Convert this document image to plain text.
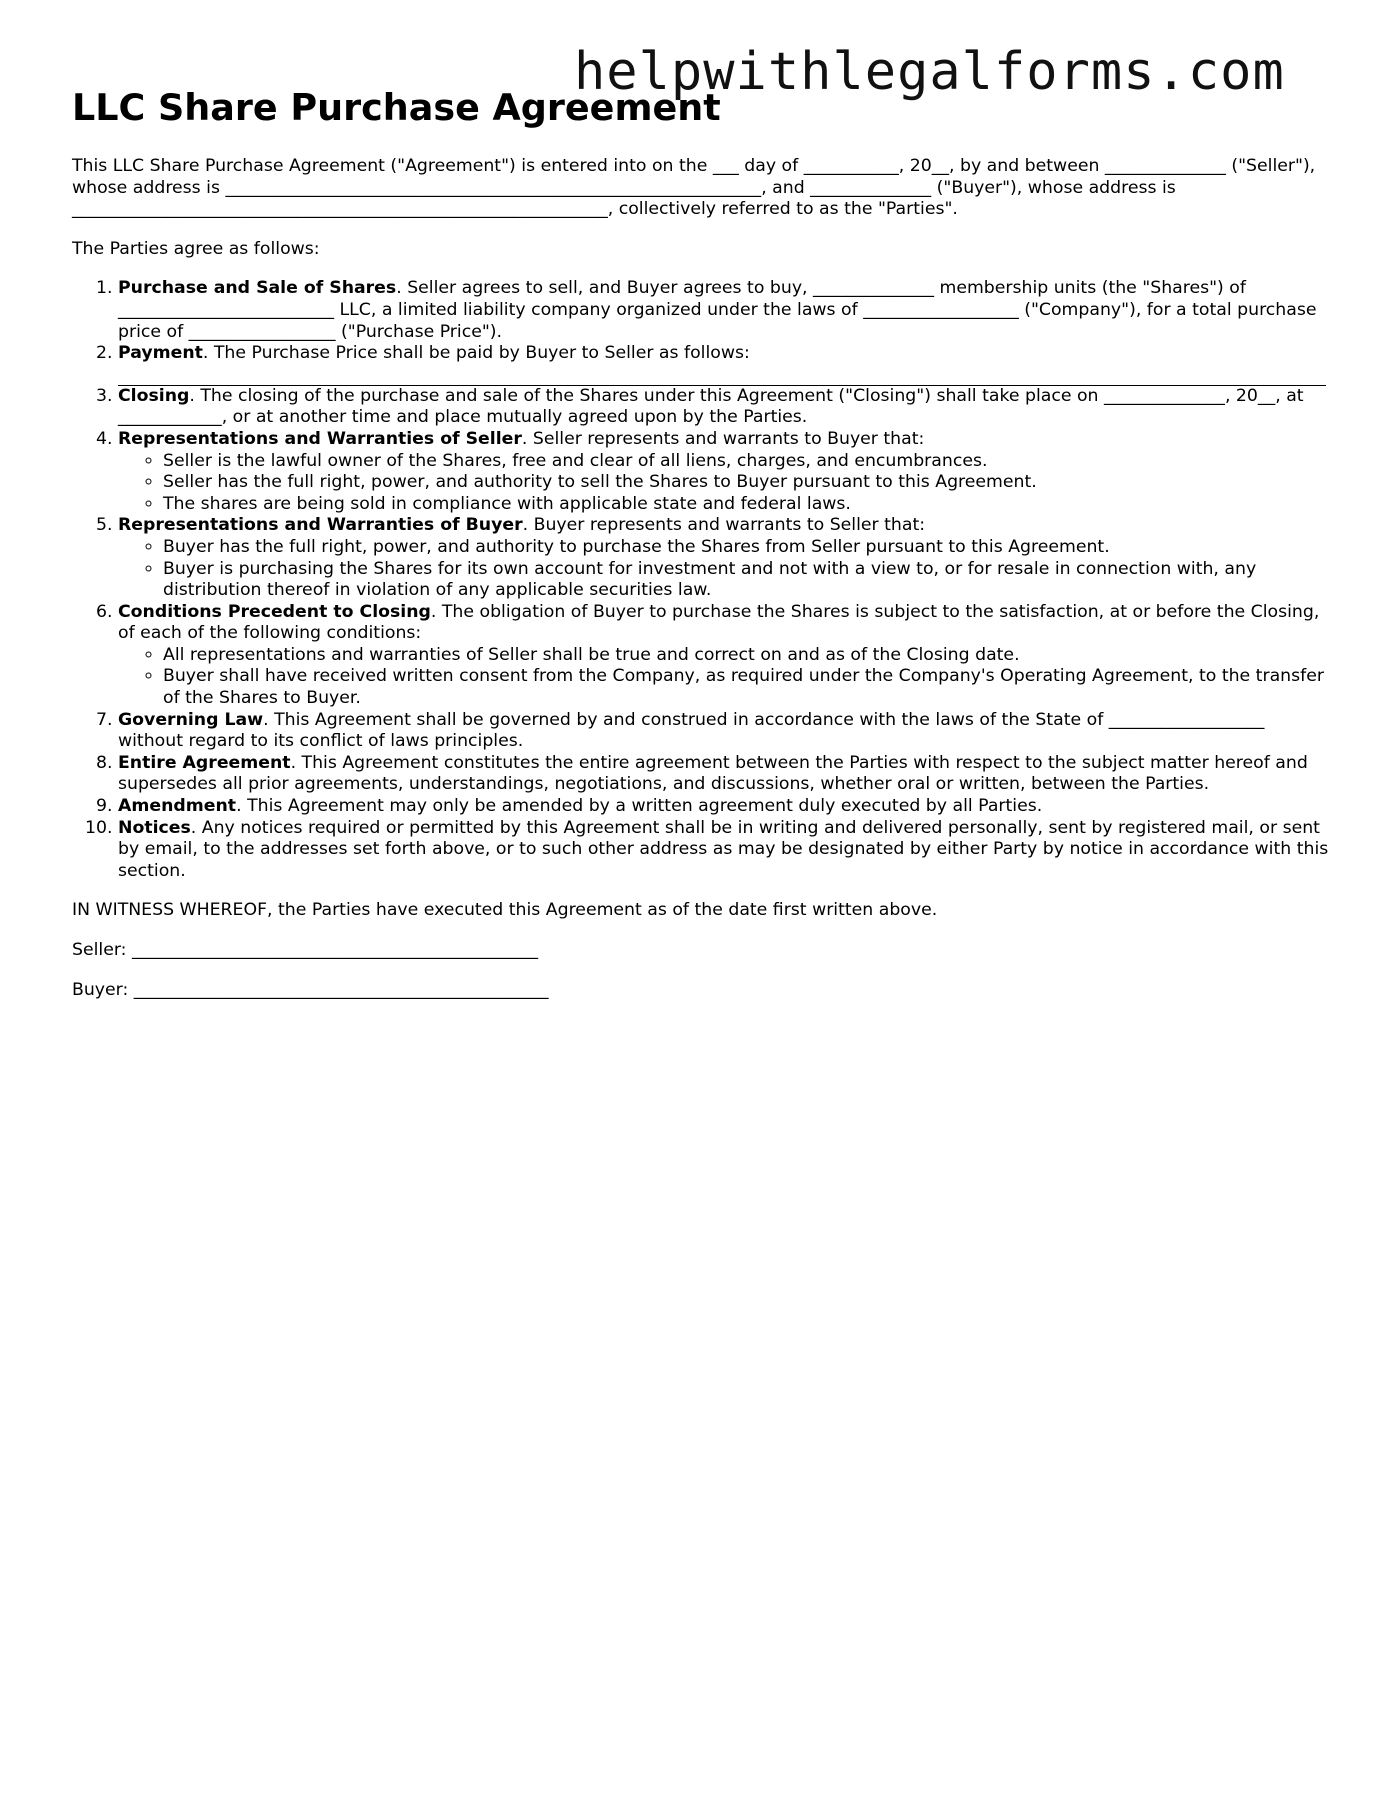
helpwithlegalforms.com
LLC Share Purchase Agreement

This LLC Share Purchase Agreement ("Agreement") is entered into on the ___ day of ___________, 20__, by and between ______________ ("Seller"), whose address is ______________________________________________________________, and ______________ ("Buyer"), whose address is ______________________________________________________________, collectively referred to as the "Parties".

The Parties agree as follows:

1. Purchase and Sale of Shares. Seller agrees to sell, and Buyer agrees to buy, ______________ membership units (the "Shares") of _________________________ LLC, a limited liability company organized under the laws of __________________ ("Company"), for a total purchase price of _________________ ("Purchase Price").
2. Payment. The Purchase Price shall be paid by Buyer to Seller as follows:
3. Closing. The closing of the purchase and sale of the Shares under this Agreement ("Closing") shall take place on ______________, 20__, at ____________, or at another time and place mutually agreed upon by the Parties.
4. Representations and Warranties of Seller. Seller represents and warrants to Buyer that:
◦ Seller is the lawful owner of the Shares, free and clear of all liens, charges, and encumbrances.
◦ Seller has the full right, power, and authority to sell the Shares to Buyer pursuant to this Agreement.
◦ The shares are being sold in compliance with applicable state and federal laws.
5. Representations and Warranties of Buyer. Buyer represents and warrants to Seller that:
◦ Buyer has the full right, power, and authority to purchase the Shares from Seller pursuant to this Agreement.
◦ Buyer is purchasing the Shares for its own account for investment and not with a view to, or for resale in connection with, any distribution thereof in violation of any applicable securities law.
6. Conditions Precedent to Closing. The obligation of Buyer to purchase the Shares is subject to the satisfaction, at or before the Closing, of each of the following conditions:
◦ All representations and warranties of Seller shall be true and correct on and as of the Closing date.
◦ Buyer shall have received written consent from the Company, as required under the Company's Operating Agreement, to the transfer of the Shares to Buyer.
7. Governing Law. This Agreement shall be governed by and construed in accordance with the laws of the State of __________________ without regard to its conflict of laws principles.
8. Entire Agreement. This Agreement constitutes the entire agreement between the Parties with respect to the subject matter hereof and supersedes all prior agreements, understandings, negotiations, and discussions, whether oral or written, between the Parties.
9. Amendment. This Agreement may only be amended by a written agreement duly executed by all Parties.
10. Notices. Any notices required or permitted by this Agreement shall be in writing and delivered personally, sent by registered mail, or sent by email, to the addresses set forth above, or to such other address as may be designated by either Party by notice in accordance with this section.

IN WITNESS WHEREOF, the Parties have executed this Agreement as of the date first written above.

Seller: _______________________________________________

Buyer: ________________________________________________
